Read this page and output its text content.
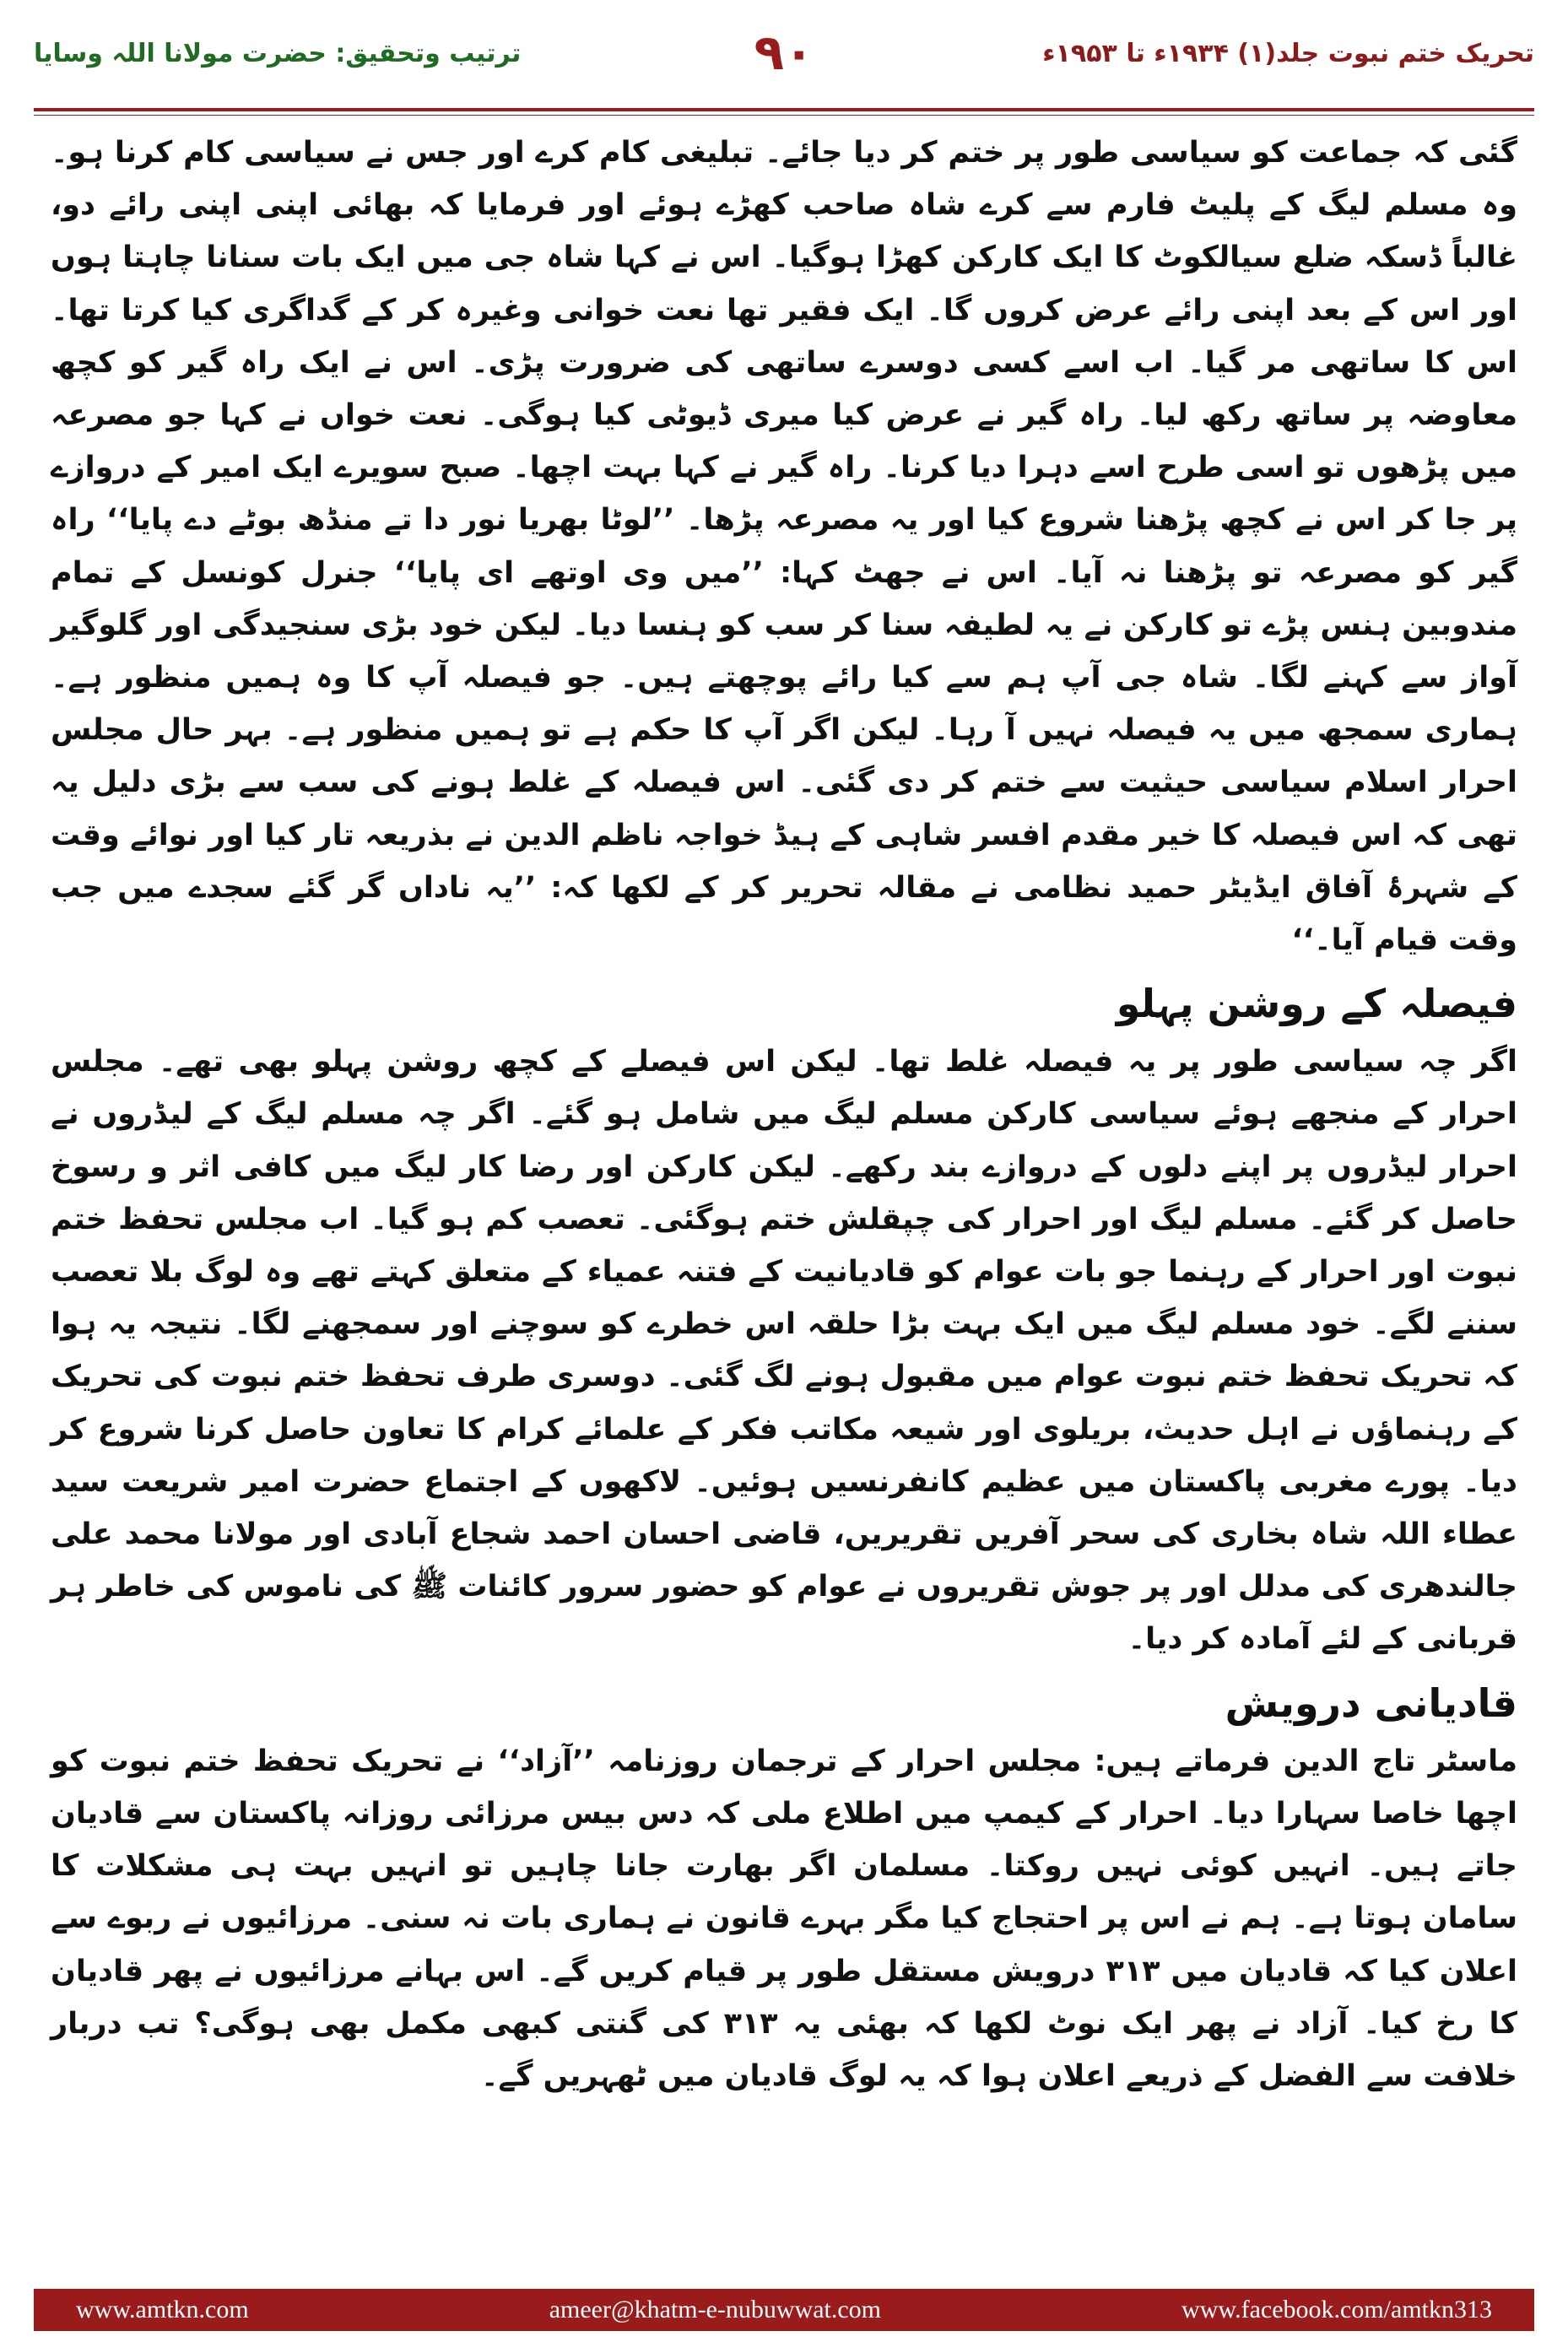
تحریک ختم نبوت جلد(۱) ۱۹۳۴ء تا ۱۹۵۳ء
۹۰
ترتیب وتحقیق: حضرت مولانا اللہ وسایا

گئی کہ جماعت کو سیاسی طور پر ختم کر دیا جائے۔ تبلیغی کام کرے اور جس نے سیاسی کام کرنا ہو۔ وہ مسلم لیگ کے پلیٹ فارم سے کرے شاہ صاحب کھڑے ہوئے اور فرمایا کہ بھائی اپنی اپنی رائے دو، غالباً ڈسکہ ضلع سیالکوٹ کا ایک کارکن کھڑا ہوگیا۔ اس نے کہا شاہ جی میں ایک بات سنانا چاہتا ہوں اور اس کے بعد اپنی رائے عرض کروں گا۔ ایک فقیر تھا نعت خوانی وغیرہ کر کے گداگری کیا کرتا تھا۔ اس کا ساتھی مر گیا۔ اب اسے کسی دوسرے ساتھی کی ضرورت پڑی۔ اس نے ایک راہ گیر کو کچھ معاوضہ پر ساتھ رکھ لیا۔ راہ گیر نے عرض کیا میری ڈیوٹی کیا ہوگی۔ نعت خواں نے کہا جو مصرعہ میں پڑھوں تو اسی طرح اسے دہرا دیا کرنا۔ راہ گیر نے کہا بہت اچھا۔ صبح سویرے ایک امیر کے دروازے پر جا کر اس نے کچھ پڑھنا شروع کیا اور یہ مصرعہ پڑھا۔ ’’لوٹا بھریا نور دا تے منڈھ بوٹے دے پایا‘‘ راہ گیر کو مصرعہ تو پڑھنا نہ آیا۔ اس نے جھٹ کہا: ’’میں وی اوتھے ای پایا‘‘ جنرل کونسل کے تمام مندوبین ہنس پڑے تو کارکن نے یہ لطیفہ سنا کر سب کو ہنسا دیا۔ لیکن خود بڑی سنجیدگی اور گلوگیر آواز سے کہنے لگا۔ شاہ جی آپ ہم سے کیا رائے پوچھتے ہیں۔ جو فیصلہ آپ کا وہ ہمیں منظور ہے۔ ہماری سمجھ میں یہ فیصلہ نہیں آ رہا۔ لیکن اگر آپ کا حکم ہے تو ہمیں منظور ہے۔ بہر حال مجلس احرار اسلام سیاسی حیثیت سے ختم کر دی گئی۔ اس فیصلہ کے غلط ہونے کی سب سے بڑی دلیل یہ تھی کہ اس فیصلہ کا خیر مقدم افسر شاہی کے ہیڈ خواجہ ناظم الدین نے بذریعہ تار کیا اور نوائے وقت کے شہرۂ آفاق ایڈیٹر حمید نظامی نے مقالہ تحریر کر کے لکھا کہ: ’’یہ ناداں گر گئے سجدے میں جب وقت قیام آیا۔‘‘

فیصلہ کے روشن پہلو

اگر چہ سیاسی طور پر یہ فیصلہ غلط تھا۔ لیکن اس فیصلے کے کچھ روشن پہلو بھی تھے۔ مجلس احرار کے منجھے ہوئے سیاسی کارکن مسلم لیگ میں شامل ہو گئے۔ اگر چہ مسلم لیگ کے لیڈروں نے احرار لیڈروں پر اپنے دلوں کے دروازے بند رکھے۔ لیکن کارکن اور رضا کار لیگ میں کافی اثر و رسوخ حاصل کر گئے۔ مسلم لیگ اور احرار کی چپقلش ختم ہوگئی۔ تعصب کم ہو گیا۔ اب مجلس تحفظ ختم نبوت اور احرار کے رہنما جو بات عوام کو قادیانیت کے فتنہ عمیاء کے متعلق کہتے تھے وہ لوگ بلا تعصب سننے لگے۔ خود مسلم لیگ میں ایک بہت بڑا حلقہ اس خطرے کو سوچنے اور سمجھنے لگا۔ نتیجہ یہ ہوا کہ تحریک تحفظ ختم نبوت عوام میں مقبول ہونے لگ گئی۔ دوسری طرف تحفظ ختم نبوت کی تحریک کے رہنماؤں نے اہل حدیث، بریلوی اور شیعہ مکاتب فکر کے علمائے کرام کا تعاون حاصل کرنا شروع کر دیا۔ پورے مغربی پاکستان میں عظیم کانفرنسیں ہوئیں۔ لاکھوں کے اجتماع حضرت امیر شریعت سید عطاء اللہ شاہ بخاری کی سحر آفریں تقریریں، قاضی احسان احمد شجاع آبادی اور مولانا محمد علی جالندھری کی مدلل اور پر جوش تقریروں نے عوام کو حضور سرور کائنات ﷺ کی ناموس کی خاطر ہر قربانی کے لئے آمادہ کر دیا۔

قادیانی درویش

ماسٹر تاج الدین فرماتے ہیں: مجلس احرار کے ترجمان روزنامہ ’’آزاد‘‘ نے تحریک تحفظ ختم نبوت کو اچھا خاصا سہارا دیا۔ احرار کے کیمپ میں اطلاع ملی کہ دس بیس مرزائی روزانہ پاکستان سے قادیان جاتے ہیں۔ انہیں کوئی نہیں روکتا۔ مسلمان اگر بھارت جانا چاہیں تو انہیں بہت ہی مشکلات کا سامان ہوتا ہے۔ ہم نے اس پر احتجاج کیا مگر بہرے قانون نے ہماری بات نہ سنی۔ مرزائیوں نے ربوے سے اعلان کیا کہ قادیان میں ۳۱۳ درویش مستقل طور پر قیام کریں گے۔ اس بہانے مرزائیوں نے پھر قادیان کا رخ کیا۔ آزاد نے پھر ایک نوٹ لکھا کہ بھئی یہ ۳۱۳ کی گنتی کبھی مکمل بھی ہوگی؟ تب دربار خلافت سے الفضل کے ذریعے اعلان ہوا کہ یہ لوگ قادیان میں ٹھہریں گے۔

www.amtkn.com	ameer@khatm-e-nubuwwat.com	www.facebook.com/amtkn313
